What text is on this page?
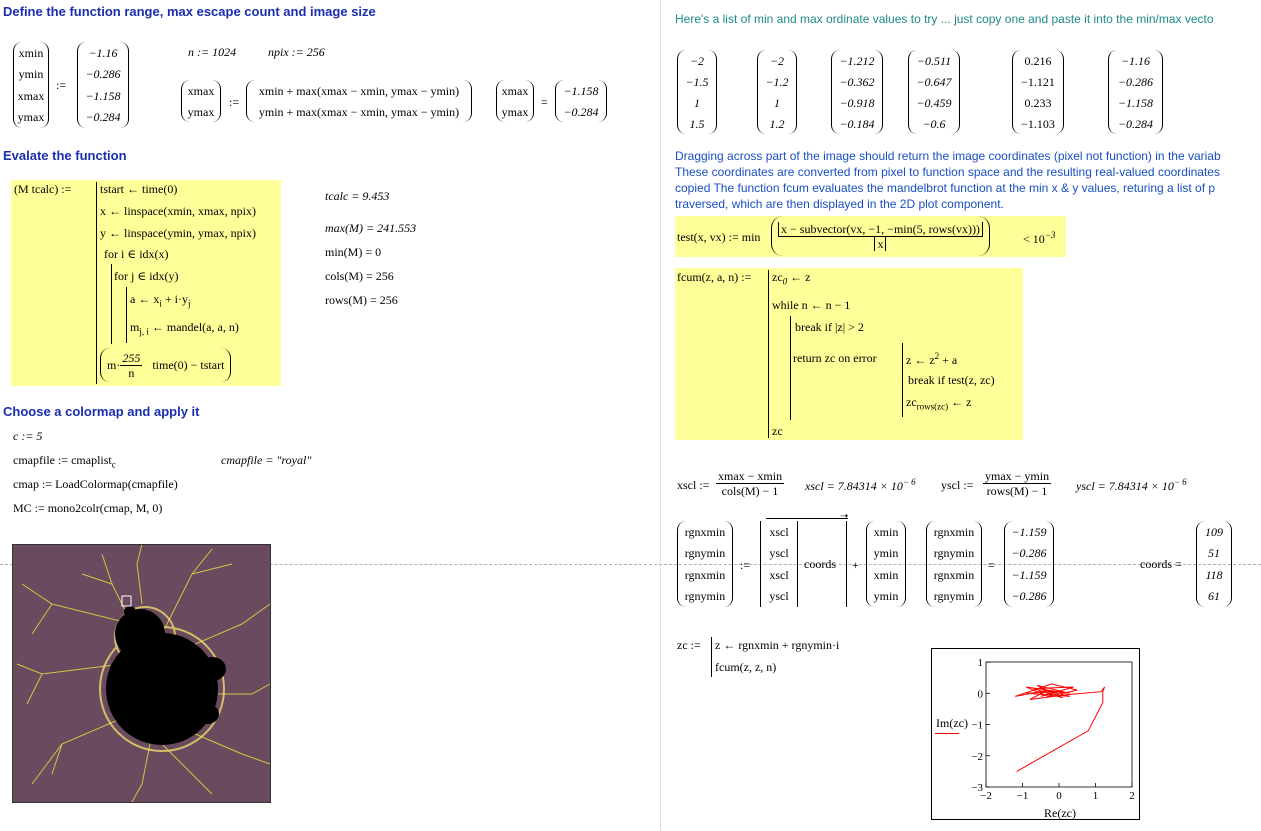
Define the function range, max escape count and image size
xmin
ymin
xmax
ymax
:=
−1.16
−0.286
−1.158
−0.284
n := 1024	npix := 256
xmax
ymax
:=
xmin + max(xmax − xmin, ymax − ymin)
ymin + max(xmax − xmin, ymax − ymin)
xmax
ymax
=
−1.158
−0.284
Evalate the function
(M tcalc) := tstart ← time(0)
x ← linspace(xmin, xmax, npix)
y ← linspace(ymin, ymax, npix)
for i ∈ idx(x)
for j ∈ idx(y)
a ← $x_i + i\cdot y_j$
$m_{j, i}$ ← mandel(a, a, n)
$m\cdot \frac{255}{n}$ time(0) − tstart
tcalc = 9.453
max(M) = 241.553
min(M) = 0
cols(M) = 256
rows(M) = 256
Choose a colormap and apply it
c := 5
cmapfile := cmaplist$_c$	cmapfile = "royal"
cmap := LoadColormap(cmapfile)
MC := mono2colr(cmap, M, 0)
Here's a list of min and max ordinate values to try ... just copy one and paste it into the min/max vecto
−2
−1.5
1
1.5
−2
−1.2
1
1.2
−1.212
−0.362
−0.918
−0.184
−0.511
−0.647
−0.459
−0.6
0.216
−1.121
0.233
−1.103
−1.16
−0.286
−1.158
−0.284
Dragging across part of the image should return the image coordinates (pixel not function) in the variab
These coordinates are converted from pixel to function space and the resulting real-valued coordinates
copied The function fcum evaluates the mandelbrot function at the min x & y values, returing a list of p
traversed, which are then displayed in the 2D plot component.
test(x, vx) := $\min \frac{\text{x − subvector(vx, −1, −min(5, rows(vx)))}}{x}$	< $10^{-3}$
fcum(z, a, n) := $zc_0$ ← z
while n ← n − 1
break if |z| > 2
return zc on error z ← $z^2 + a$
break if test(z, zc)
$zc_{rows(zc)}$ ← z
zc
xscl := $\frac{xmax - xmin}{\text{cols(M) − 1}}$ xscl = $7.84314 \times 10^{- 6}$ yscl := $\frac{ymax - ymin}{\text{rows(M) − 1}}$ yscl = $7.84314 \times 10^{- 6}$
rgnxmin
rgnymin
rgnxmin
rgnymin
:=
➝
xscl
yscl
xscl
yscl
coords +
xmin
ymin
xmin
ymin
rgnxmin
rgnymin
rgnxmin
rgnymin
=
−1.159
−0.286
−1.159
−0.286
coords =
109
51
118
61
zc := z ← rgnxmin + rgnymin·i
fcum(z, z, n)
−2 −1	0	1	2
1
0
−1
−2
−3
Im(zc)
Re(zc)
